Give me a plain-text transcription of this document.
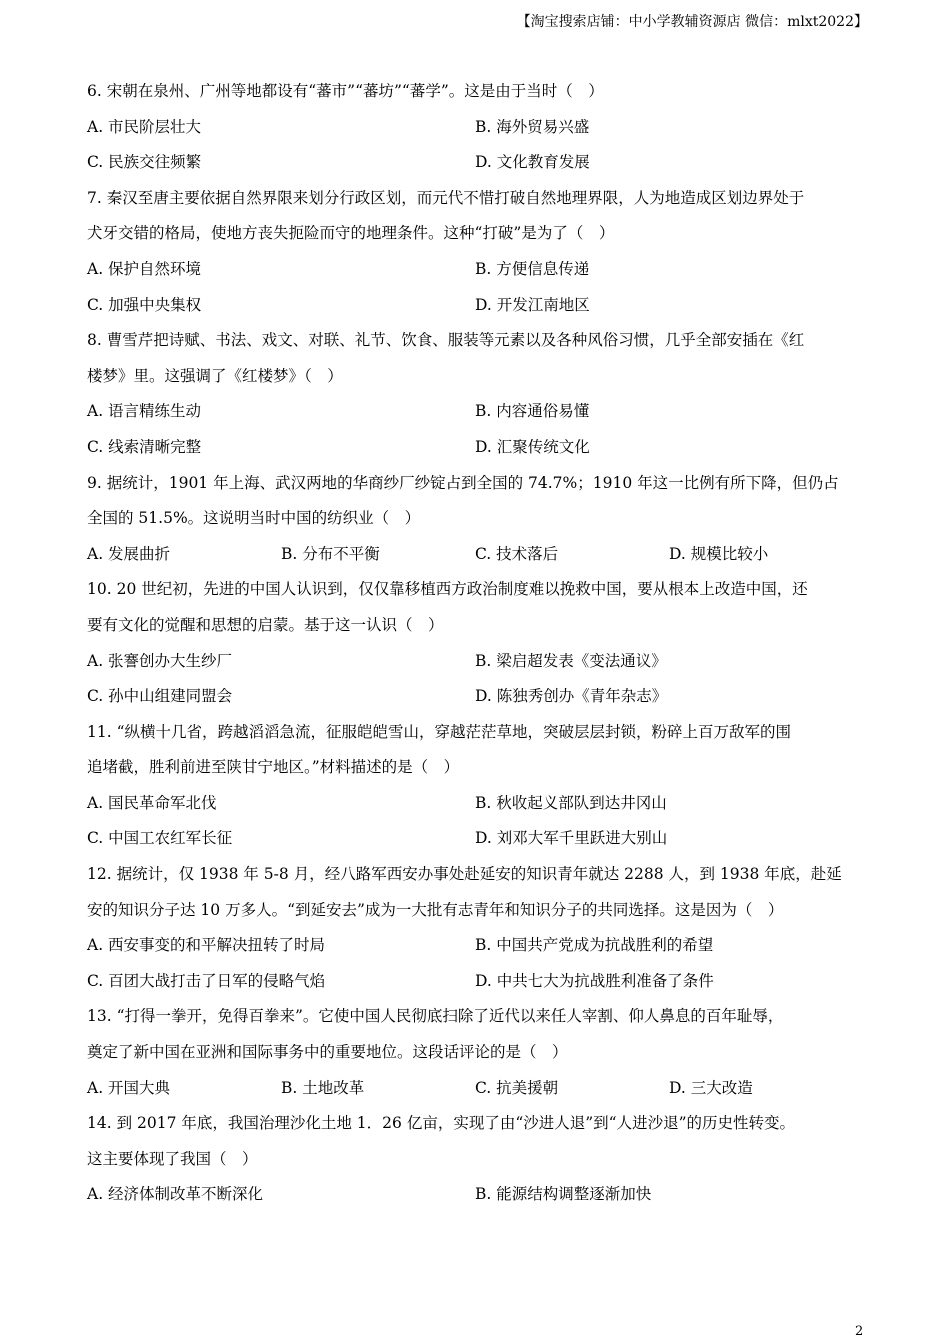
【淘宝搜索店铺：中小学教辅资源店 微信：mlxt2022】
6. 宋朝在泉州、广州等地都设有“蕃市”“蕃坊”“蕃学”。这是由于当时（　）
A. 市民阶层壮大	B. 海外贸易兴盛
C. 民族交往频繁	D. 文化教育发展
7. 秦汉至唐主要依据自然界限来划分行政区划，而元代不惜打破自然地理界限，人为地造成区划边界处于
犬牙交错的格局，使地方丧失扼险而守的地理条件。这种“打破”是为了（　）
A. 保护自然环境	B. 方便信息传递
C. 加强中央集权	D. 开发江南地区
8. 曹雪芹把诗赋、书法、戏文、对联、礼节、饮食、服装等元素以及各种风俗习惯，几乎全部安插在《红
楼梦》里。这强调了《红楼梦》（　）
A. 语言精练生动	B. 内容通俗易懂
C. 线索清晰完整	D. 汇聚传统文化
9. 据统计，1901 年上海、武汉两地的华商纱厂纱锭占到全国的 74.7%；1910 年这一比例有所下降，但仍占
全国的 51.5%。这说明当时中国的纺织业（　）
A. 发展曲折	B. 分布不平衡	C. 技术落后	D. 规模比较小
10. 20 世纪初，先进的中国人认识到，仅仅靠移植西方政治制度难以挽救中国，要从根本上改造中国，还
要有文化的觉醒和思想的启蒙。基于这一认识（　）
A. 张謇创办大生纱厂	B. 梁启超发表《变法通议》
C. 孙中山组建同盟会	D. 陈独秀创办《青年杂志》
11. “纵横十几省，跨越滔滔急流，征服皑皑雪山，穿越茫茫草地，突破层层封锁，粉碎上百万敌军的围
追堵截，胜利前进至陕甘宁地区。”材料描述的是（　）
A. 国民革命军北伐	B. 秋收起义部队到达井冈山
C. 中国工农红军长征	D. 刘邓大军千里跃进大别山
12. 据统计，仅 1938 年 5-8 月，经八路军西安办事处赴延安的知识青年就达 2288 人，到 1938 年底，赴延
安的知识分子达 10 万多人。“到延安去”成为一大批有志青年和知识分子的共同选择。这是因为（　）
A. 西安事变的和平解决扭转了时局	B. 中国共产党成为抗战胜利的希望
C. 百团大战打击了日军的侵略气焰	D. 中共七大为抗战胜利准备了条件
13. “打得一拳开，免得百拳来”。它使中国人民彻底扫除了近代以来任人宰割、仰人鼻息的百年耻辱，
奠定了新中国在亚洲和国际事务中的重要地位。这段话评论的是（　）
A. 开国大典	B. 土地改革	C. 抗美援朝	D. 三大改造
14. 到 2017 年底，我国治理沙化土地 1．26 亿亩，实现了由“沙进人退”到“人进沙退”的历史性转变。
这主要体现了我国（　）
A. 经济体制改革不断深化	B. 能源结构调整逐渐加快
2
